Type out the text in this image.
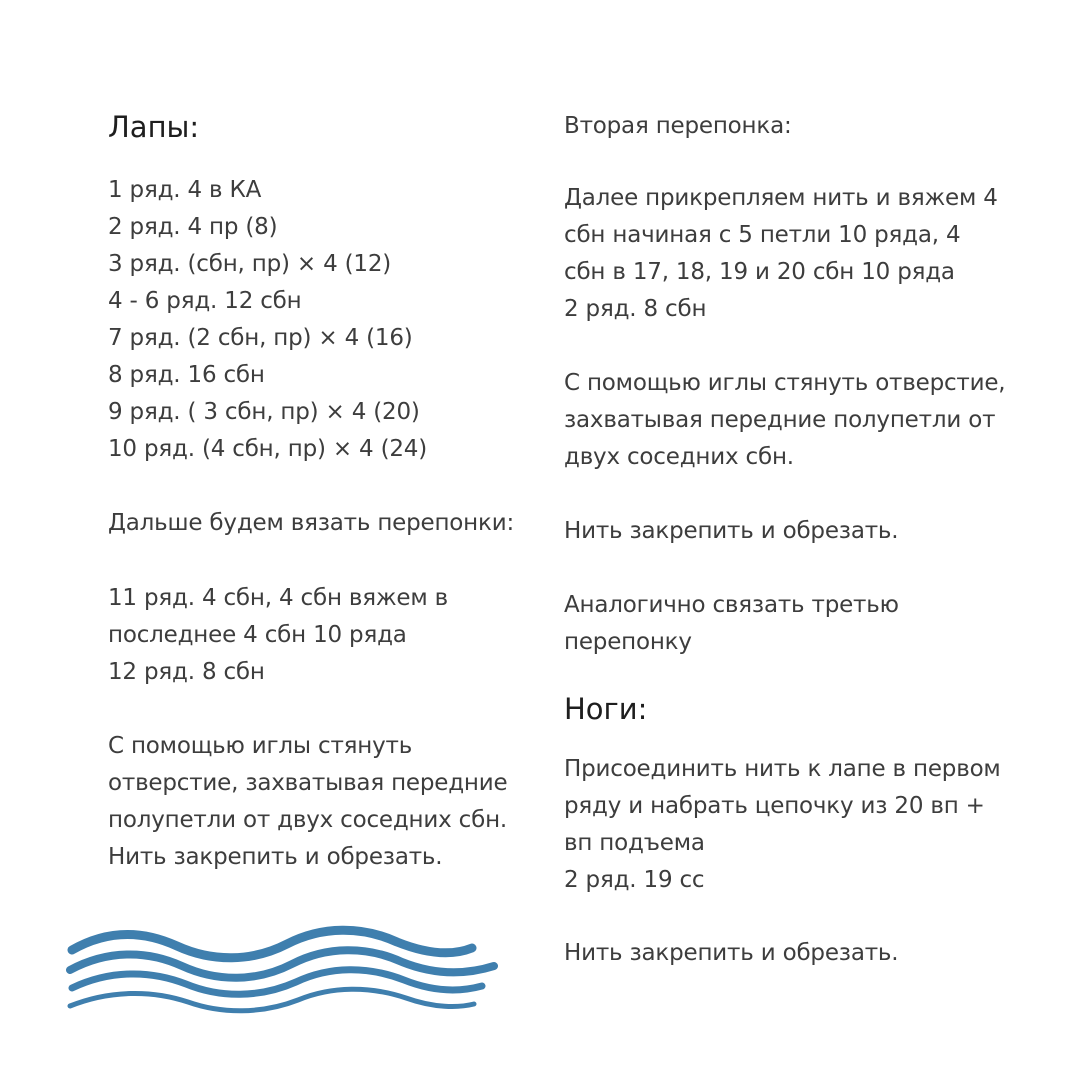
Лапы:

1 ряд. 4 в КА

2 ряд. 4 пр (8)

3 ряд. (сбн, пр) × 4 (12)

4 - 6 ряд. 12 сбн

7 ряд. (2 сбн, пр) × 4 (16)

8 ряд. 16 сбн

9 ряд. ( 3 сбн, пр) × 4 (20)

10 ряд. (4 сбн, пр) × 4 (24)

Дальше будем вязать перепонки:

11 ряд. 4 сбн, 4 сбн вяжем в

последнее 4 сбн 10 ряда

12 ряд. 8 сбн

С помощью иглы стянуть

отверстие, захватывая передние

полупетли от двух соседних сбн.

Нить закрепить и обрезать.

Вторая перепонка:

Далее прикрепляем нить и вяжем 4

сбн начиная с 5 петли 10 ряда, 4

сбн в 17, 18, 19 и 20 сбн 10 ряда

2 ряд. 8 сбн

С помощью иглы стянуть отверстие,

захватывая передние полупетли от

двух соседних сбн.

Нить закрепить и обрезать.

Аналогично связать третью

перепонку

Ноги:

Присоединить нить к лапе в первом

ряду и набрать цепочку из 20 вп +

вп подъема

2 ряд. 19 сс

Нить закрепить и обрезать.
